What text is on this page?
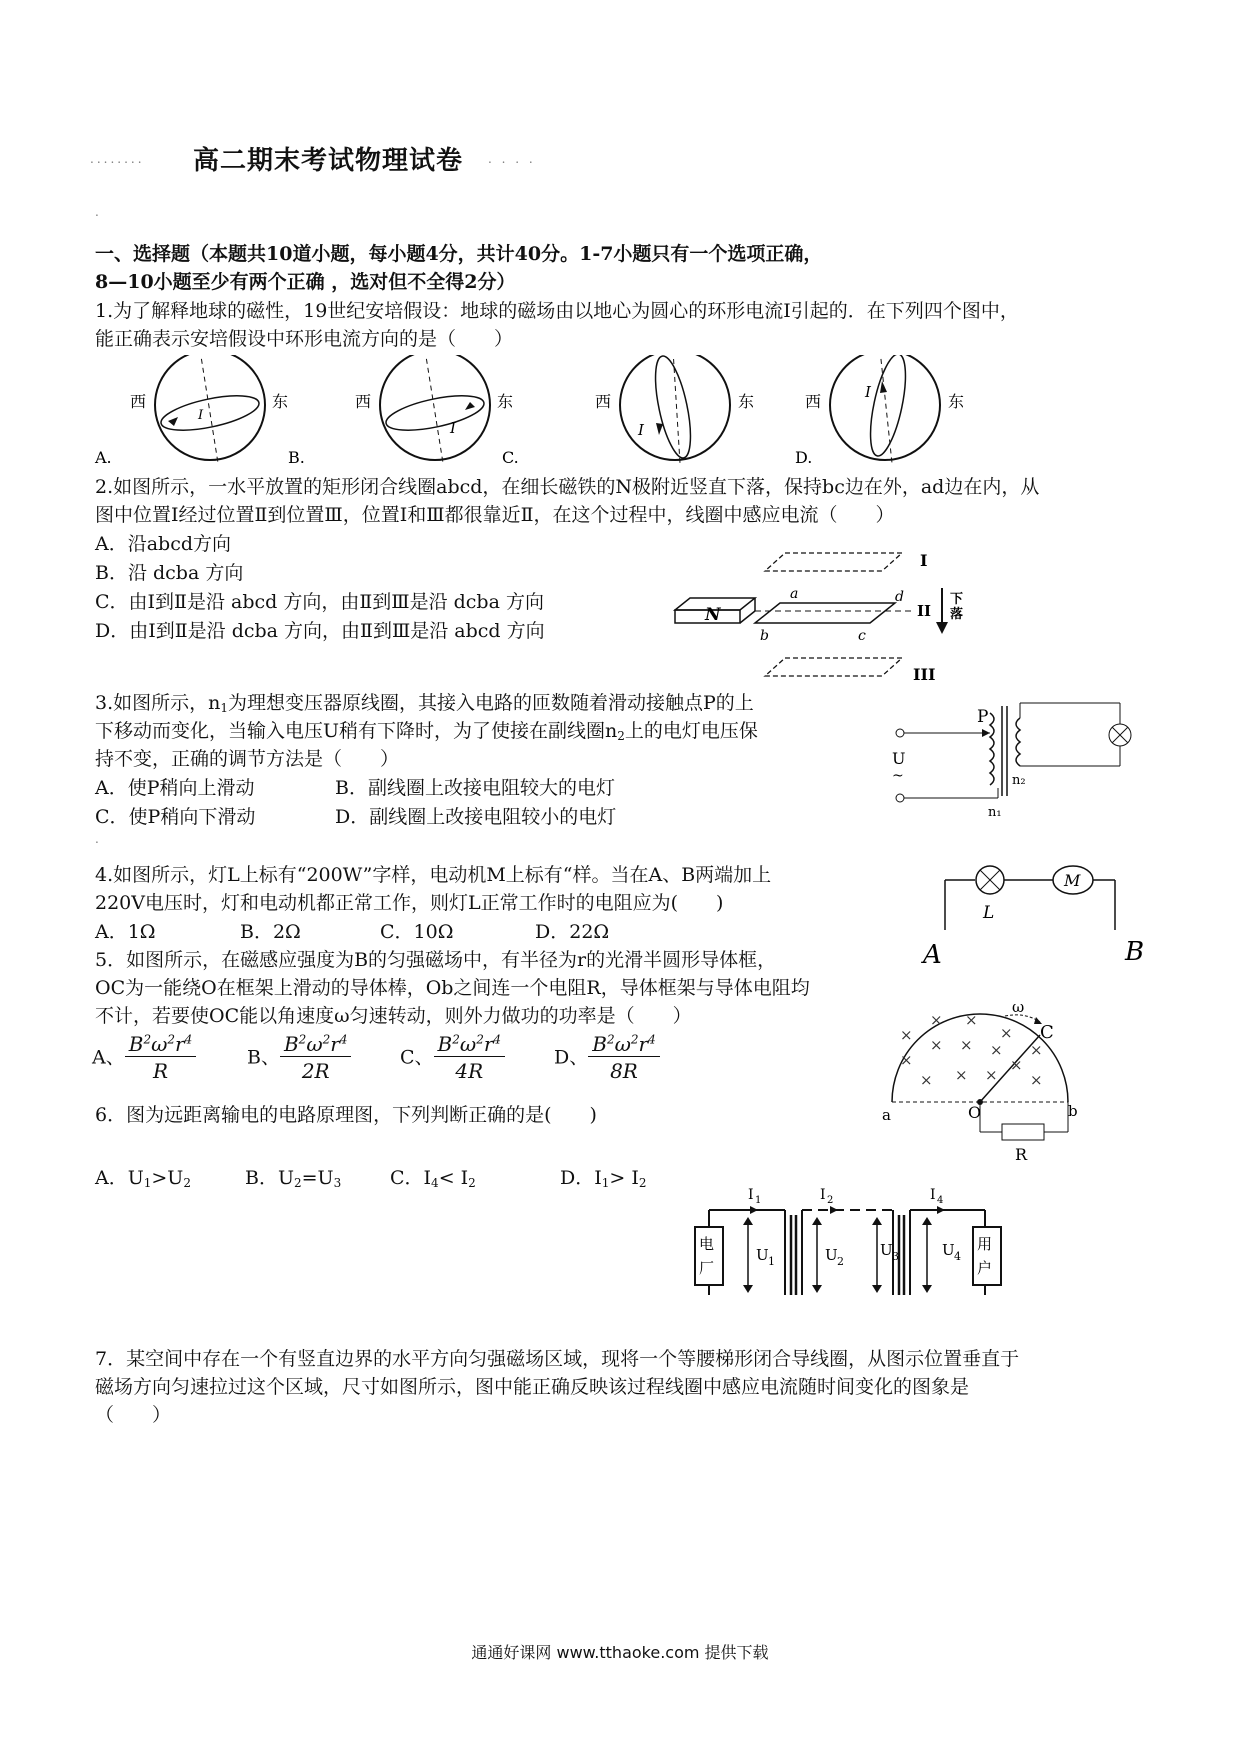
........ 高二期末考试物理试卷 . . . .
.
一、选择题（本题共10道小题，每小题4分，共计40分。1-7小题只有一个选项正确，
8—10小题至少有两个正确 ，选对但不全得2分）
1.为了解释地球的磁性，19世纪安培假设：地球的磁场由以地心为圆心的环形电流I引起的．在下列四个图中，
能正确表示安培假设中环形电流方向的是（　　）
西
I
东
A.
西
I
东
B.
西
I
东
C.
西	I	东
D.
2.如图所示，一水平放置的矩形闭合线圈abcd，在细长磁铁的N极附近竖直下落，保持bc边在外，ad边在内，从
图中位置Ⅰ经过位置Ⅱ到位置Ⅲ，位置Ⅰ和Ⅲ都很靠近Ⅱ，在这个过程中，线圈中感应电流（　　）
A．沿abcd方向
B．沿 dcba 方向
C．由Ⅰ到Ⅱ是沿 abcd 方向，由Ⅱ到Ⅲ是沿 dcba 方向
D．由Ⅰ到Ⅱ是沿 dcba 方向，由Ⅱ到Ⅲ是沿 abcd 方向
I
N
a	d
b	c
II
下
落
III
3.如图所示，$n_1$为理想变压器原线圈，其接入电路的匝数随着滑动接触点P的上
下移动而变化，当输入电压U稍有下降时，为了使接在副线圈$n_2$上的电灯电压保
持不变，正确的调节方法是（　　）
A．使P稍向上滑动	B．副线圈上改接电阻较大的电灯
C．使P稍向下滑动	D．副线圈上改接电阻较小的电灯
P
U
~	n₂
n₁
.
4.如图所示，灯L上标有“200W”字样，电动机M上标有“样。当在A、B两端加上
220V电压时，灯和电动机都正常工作，则灯L正常工作时的电阻应为(　　)
A．1Ω	B．2Ω	C．10Ω	D．22Ω
M
L
A	B
5．如图所示，在磁感应强度为B的匀强磁场中，有半径为r的光滑半圆形导体框，
OC为一能绕O在框架上滑动的导体棒，Ob之间连一个电阻R，导体框架与导体电阻均
不计，若要使OC能以角速度ω匀速转动，则外力做功的功率是（　　）
A、 $\frac{B^2\omega^2r^4}{R}$	B、 $\frac{B^2\omega^2r^4}{2R}$	C、 $\frac{B^2\omega^2r^4}{4R}$	D、 $\frac{B^2\omega^2r^4}{8R}$
ω
C
a	O	b
R
×
× ×
×
×
×
× × ×
×
× × × ×
6．图为远距离输电的电路原理图，下列判断正确的是(　　)
A．$U_1>U_2$	B．$U_2=U_3$	C．$I_4< I_2$	D．$I_1> I_2$
电
厂
I 1
U 1
I 2
U 2
U 3
I 4
U 4
用
户
7．某空间中存在一个有竖直边界的水平方向匀强磁场区域，现将一个等腰梯形闭合导线圈，从图示位置垂直于
磁场方向匀速拉过这个区域，尺寸如图所示，图中能正确反映该过程线圈中感应电流随时间变化的图象是
（　　）
通通好课网 www.tthaoke.com 提供下载
